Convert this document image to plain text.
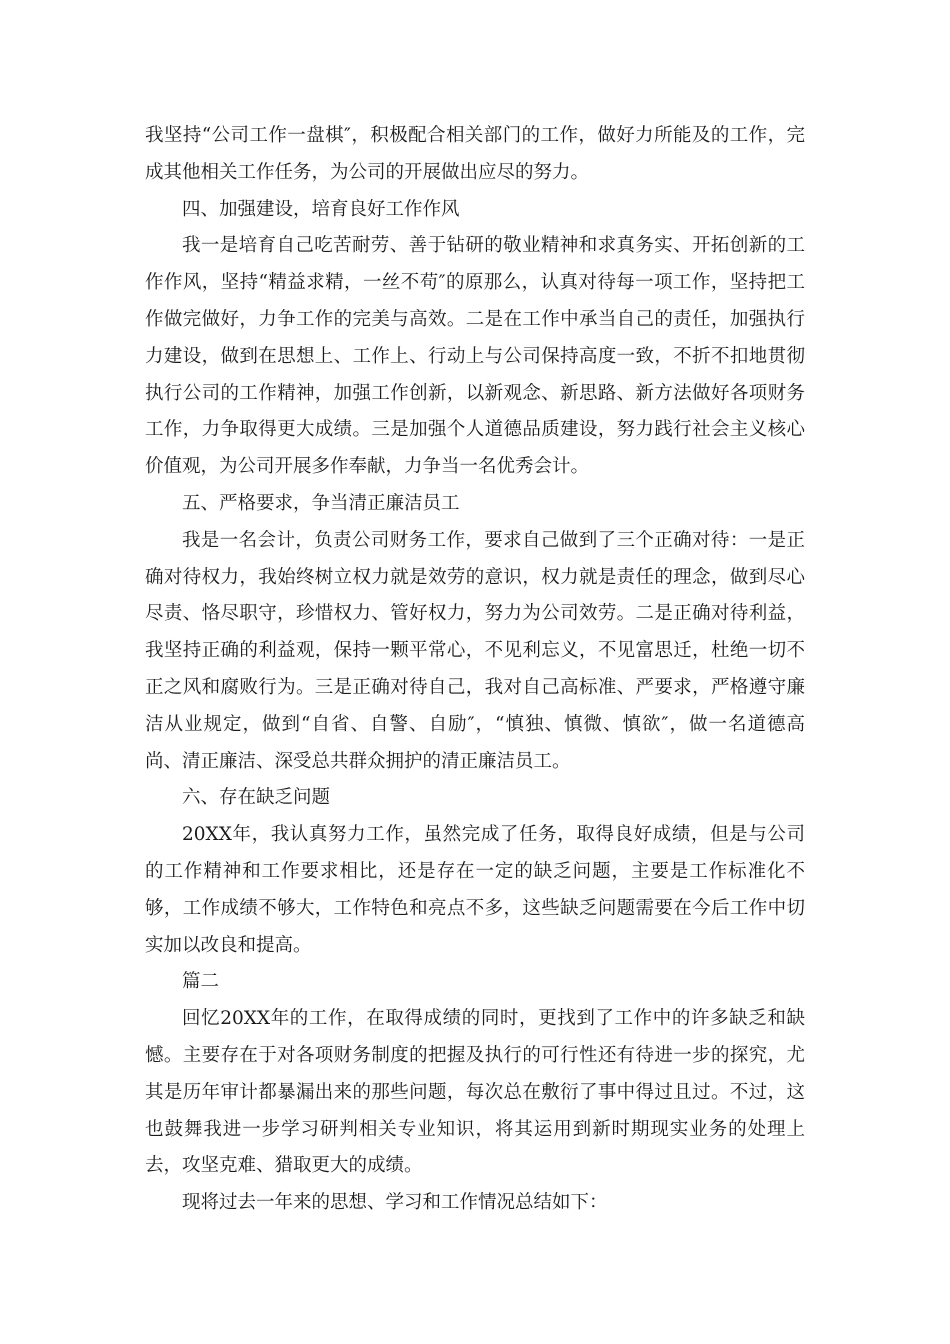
我坚持“公司工作一盘棋″，积极配合相关部门的工作，做好力所能及的工作，完成其他相关工作任务，为公司的开展做出应尽的努力。

四、加强建设，培育良好工作作风

我一是培育自己吃苦耐劳、善于钻研的敬业精神和求真务实、开拓创新的工作作风，坚持“精益求精，一丝不苟″的原那么，认真对待每一项工作，坚持把工作做完做好，力争工作的完美与高效。二是在工作中承当自己的责任，加强执行力建设，做到在思想上、工作上、行动上与公司保持高度一致，不折不扣地贯彻执行公司的工作精神，加强工作创新，以新观念、新思路、新方法做好各项财务工作，力争取得更大成绩。三是加强个人道德品质建设，努力践行社会主义核心价值观，为公司开展多作奉献，力争当一名优秀会计。

五、严格要求，争当清正廉洁员工

我是一名会计，负责公司财务工作，要求自己做到了三个正确对待：一是正确对待权力，我始终树立权力就是效劳的意识，权力就是责任的理念，做到尽心尽责、恪尽职守，珍惜权力、管好权力，努力为公司效劳。二是正确对待利益，我坚持正确的利益观，保持一颗平常心，不见利忘义，不见富思迁，杜绝一切不正之风和腐败行为。三是正确对待自己，我对自己高标准、严要求，严格遵守廉洁从业规定，做到“自省、自警、自励″，“慎独、慎微、慎欲″，做一名道德高尚、清正廉洁、深受总共群众拥护的清正廉洁员工。

六、存在缺乏问题

20XX年，我认真努力工作，虽然完成了任务，取得良好成绩，但是与公司的工作精神和工作要求相比，还是存在一定的缺乏问题，主要是工作标准化不够，工作成绩不够大，工作特色和亮点不多，这些缺乏问题需要在今后工作中切实加以改良和提高。

篇二

回忆20XX年的工作，在取得成绩的同时，更找到了工作中的许多缺乏和缺憾。主要存在于对各项财务制度的把握及执行的可行性还有待进一步的探究，尤其是历年审计都暴漏出来的那些问题，每次总在敷衍了事中得过且过。不过，这也鼓舞我进一步学习研判相关专业知识，将其运用到新时期现实业务的处理上去，攻坚克难、猎取更大的成绩。

现将过去一年来的思想、学习和工作情况总结如下：
